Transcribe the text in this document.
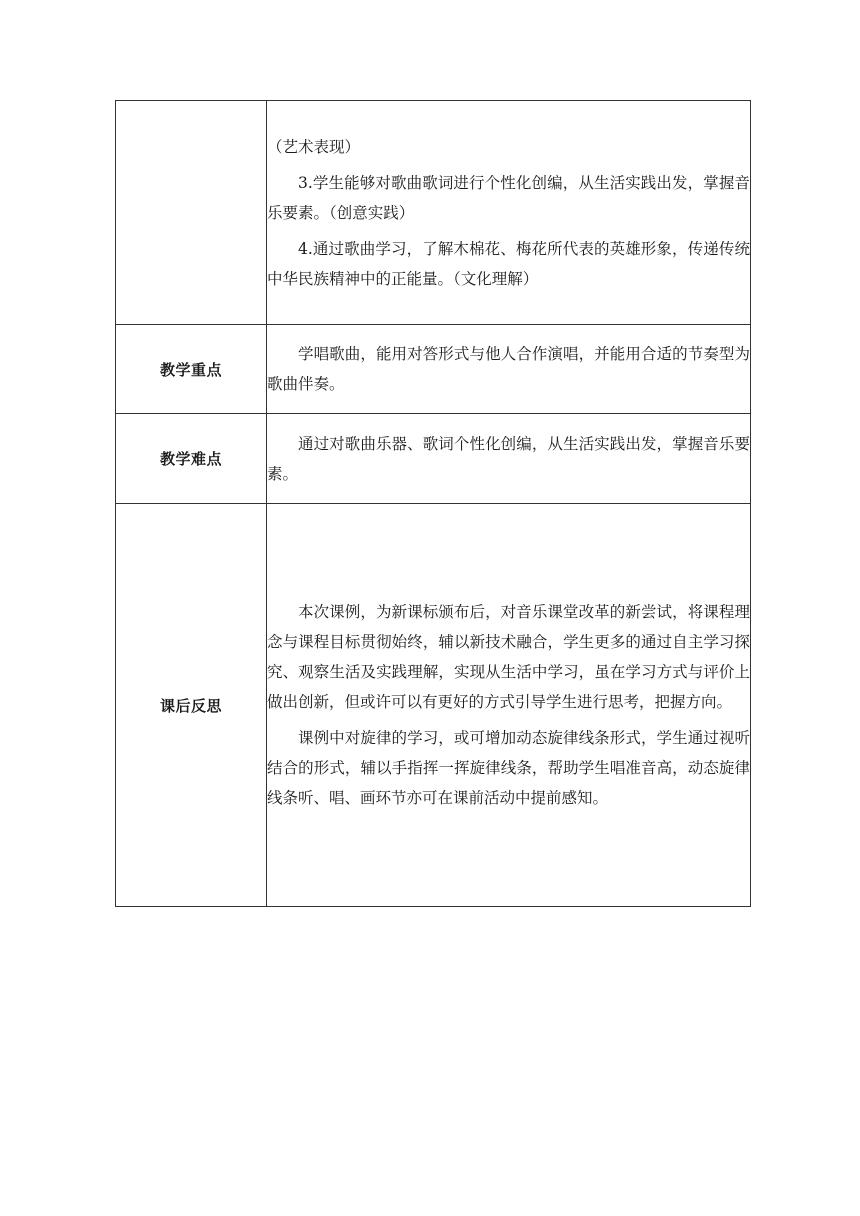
	（艺术表现）

3.学生能够对歌曲歌词进行个性化创编，从生活实践出发，掌握音乐要素。（创意实践）

4.通过歌曲学习，了解木棉花、梅花所代表的英雄形象，传递传统中华民族精神中的正能量。（文化理解）

教学重点	学唱歌曲，能用对答形式与他人合作演唱，并能用合适的节奏型为歌曲伴奏。

教学难点	通过对歌曲乐器、歌词个性化创编，从生活实践出发，掌握音乐要素。

课后反思	本次课例，为新课标颁布后，对音乐课堂改革的新尝试，将课程理念与课程目标贯彻始终，辅以新技术融合，学生更多的通过自主学习探究、观察生活及实践理解，实现从生活中学习，虽在学习方式与评价上做出创新，但或许可以有更好的方式引导学生进行思考，把握方向。

课例中对旋律的学习，或可增加动态旋律线条形式，学生通过视听结合的形式，辅以手指挥一挥旋律线条，帮助学生唱准音高，动态旋律线条听、唱、画环节亦可在课前活动中提前感知。
